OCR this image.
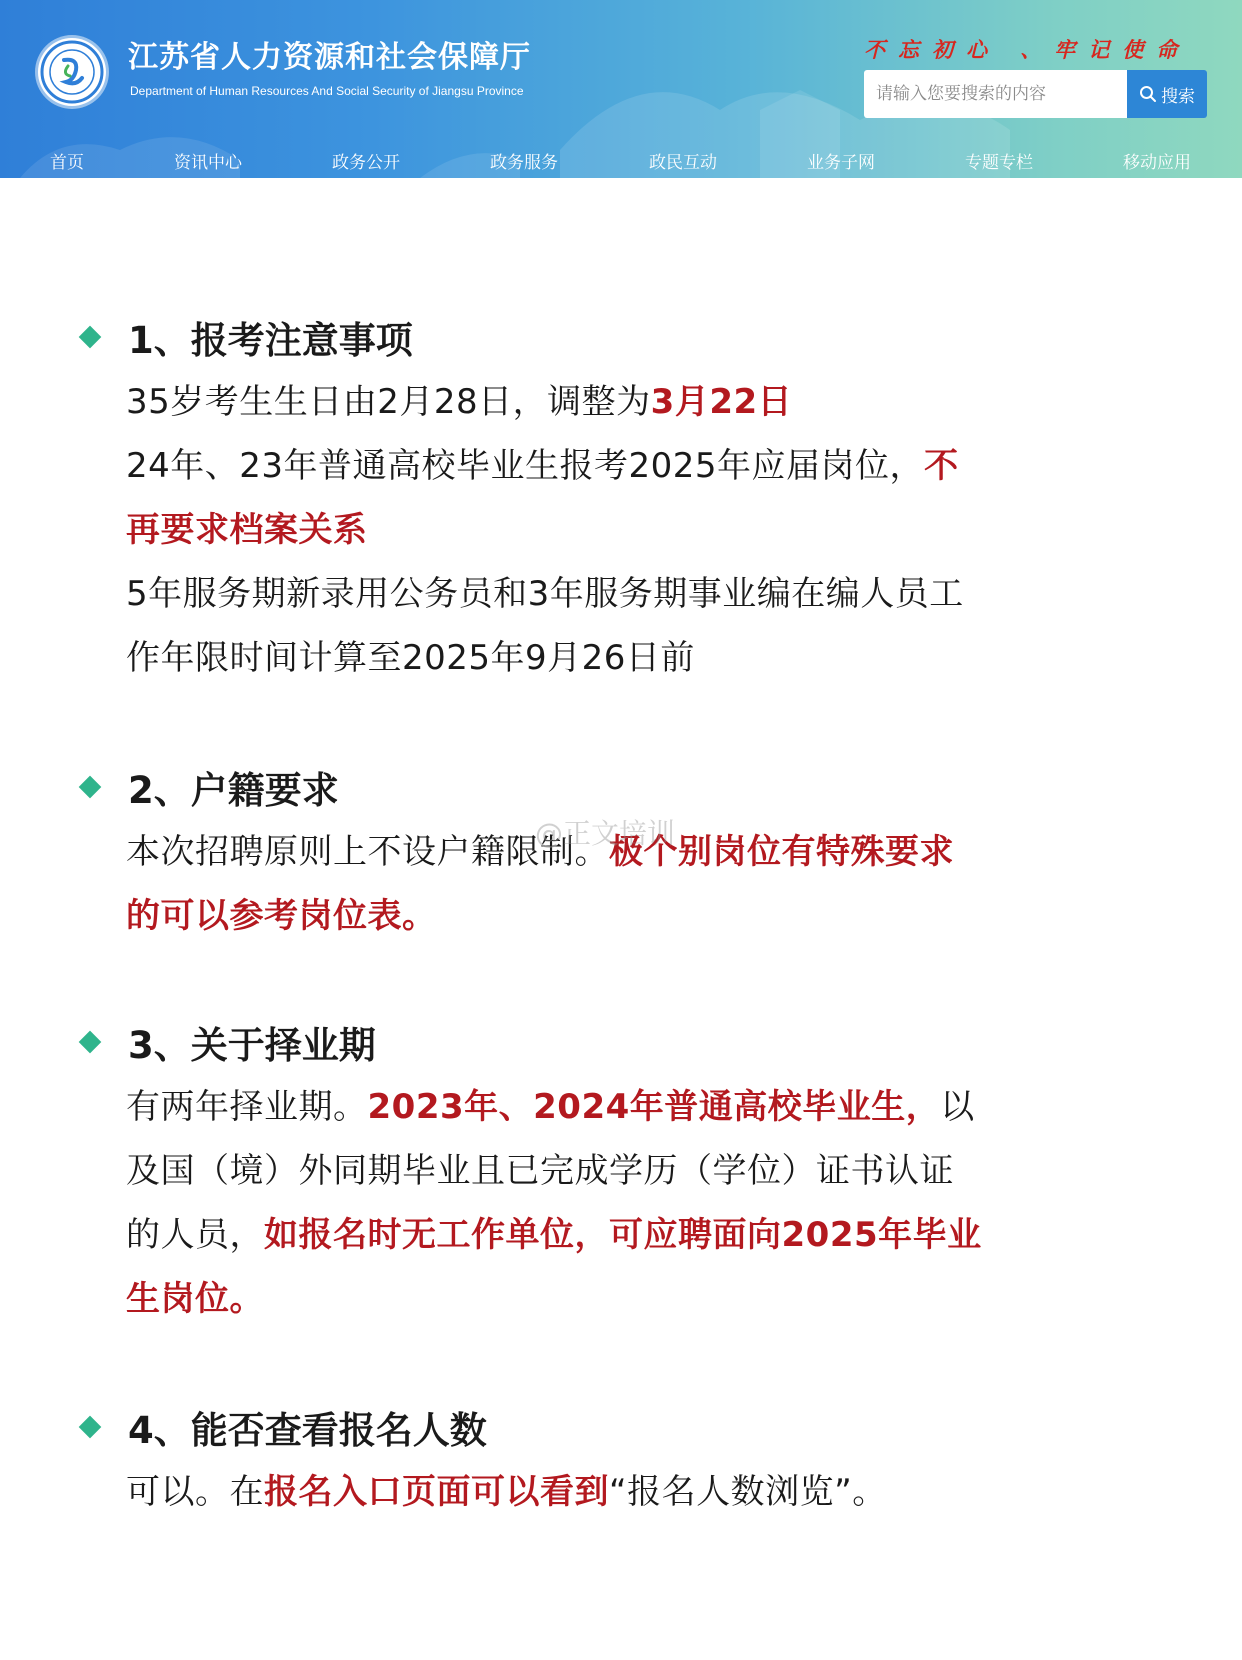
江苏省人力资源和社会保障厅
Department of Human Resources And Social Security of Jiangsu Province
不忘初心 、牢记使命
请输入您要搜索的内容
搜索
首页	资讯中心	政务公开	政务服务	政民互动	业务子网	专题专栏	移动应用
1、报考注意事项
35岁考生生日由2月28日，调整为3月22日
24年、23年普通高校毕业生报考2025年应届岗位，不
再要求档案关系
5年服务期新录用公务员和3年服务期事业编在编人员工
作年限时间计算至2025年9月26日前
2、户籍要求
本次招聘原则上不设户籍限制。极个别岗位有特殊要求
的可以参考岗位表。
@正文培训
3、关于择业期
有两年择业期。2023年、2024年普通高校毕业生，以
及国（境）外同期毕业且已完成学历（学位）证书认证
的人员，如报名时无工作单位，可应聘面向2025年毕业
生岗位。
4、能否查看报名人数
可以。在报名入口页面可以看到“报名人数浏览”。
